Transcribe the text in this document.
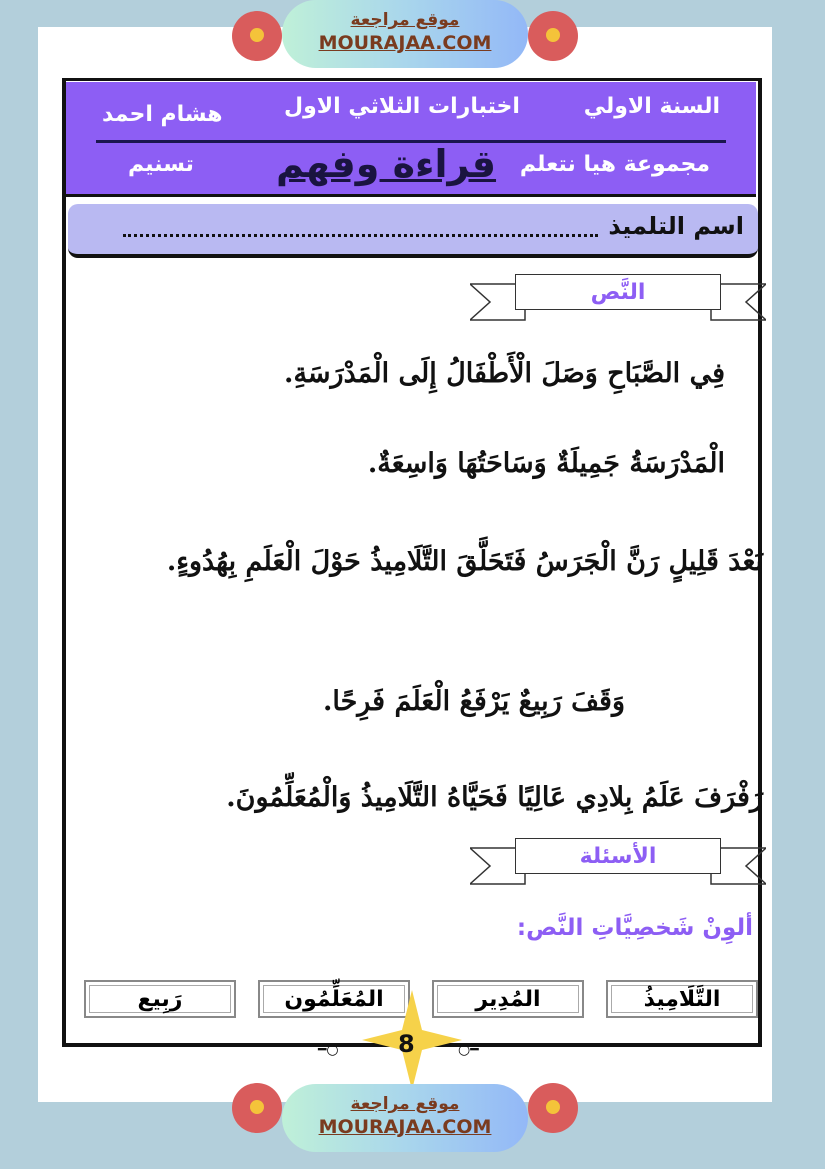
موقع مراجعة
MOURAJAA.COM
السنة الاولي
اختبارات الثلاثي الاول
هشام احمد
مجموعة هيا نتعلم
قراءة وفهم
تسنيم
اسم التلميذ
النَّص
فِي الصَّبَاحِ وَصَلَ الْأَطْفَالُ إِلَى الْمَدْرَسَةِ.
الْمَدْرَسَةُ جَمِيلَةٌ وَسَاحَتُهَا وَاسِعَةٌ.
بَعْدَ قَلِيلٍ رَنَّ الْجَرَسُ فَتَحَلَّقَ التَّلَامِيذُ حَوْلَ الْعَلَمِ بِهُدُوءٍ.
وَقَفَ رَبِيعٌ يَرْفَعُ الْعَلَمَ فَرِحًا.
رَفْرَفَ عَلَمُ بِلادِي عَالِيًا فَحَيَّاهُ التَّلَامِيذُ وَالْمُعَلِّمُونَ.
الأسئلة
ألوِنْ شَخصِيَّاتِ النَّص:
التَّلَامِيذُ
المُدِير
المُعَلِّمُون
رَبِيع
━○	○━
8
موقع مراجعة
MOURAJAA.COM
